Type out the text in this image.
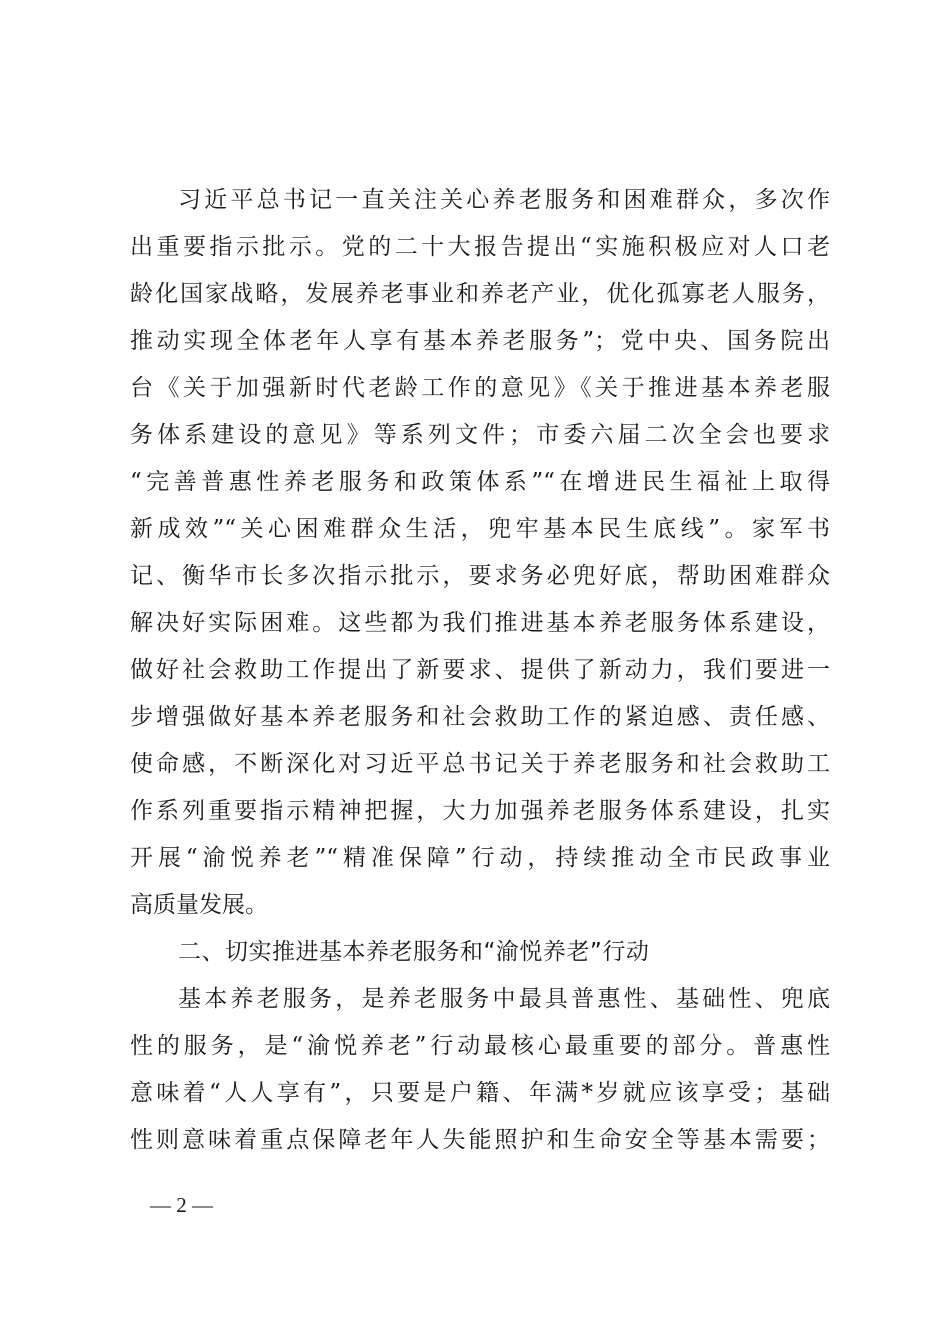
习近平总书记一直关注关心养老服务和困难群众，多次作
出重要指示批示。党的二十大报告提出“实施积极应对人口老
龄化国家战略，发展养老事业和养老产业，优化孤寡老人服务，
推动实现全体老年人享有基本养老服务”；党中央、国务院出
台《关于加强新时代老龄工作的意见》《关于推进基本养老服
务体系建设的意见》等系列文件；市委六届二次全会也要求
“完善普惠性养老服务和政策体系”“在增进民生福祉上取得
新成效”“关心困难群众生活，兜牢基本民生底线”。家军书
记、衡华市长多次指示批示，要求务必兜好底，帮助困难群众
解决好实际困难。这些都为我们推进基本养老服务体系建设，
做好社会救助工作提出了新要求、提供了新动力，我们要进一
步增强做好基本养老服务和社会救助工作的紧迫感、责任感、
使命感，不断深化对习近平总书记关于养老服务和社会救助工
作系列重要指示精神把握，大力加强养老服务体系建设，扎实
开展“渝悦养老”“精准保障”行动，持续推动全市民政事业
高质量发展。
二、切实推进基本养老服务和“渝悦养老”行动
基本养老服务，是养老服务中最具普惠性、基础性、兜底
性的服务，是“渝悦养老”行动最核心最重要的部分。普惠性
意味着“人人享有”，只要是户籍、年满*岁就应该享受；基础
性则意味着重点保障老年人失能照护和生命安全等基本需要；
— 2 —
